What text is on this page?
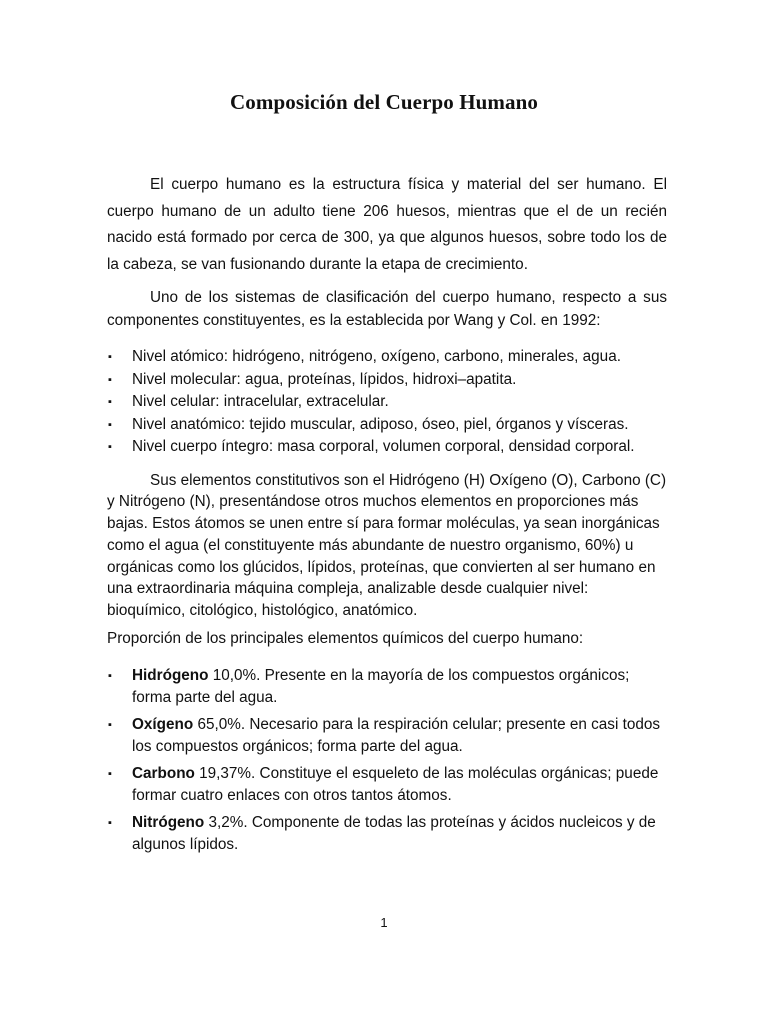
Composición del Cuerpo Humano

El cuerpo humano es la estructura física y material del ser humano. El cuerpo humano de un adulto tiene 206 huesos, mientras que el de un recién nacido está formado por cerca de 300, ya que algunos huesos, sobre todo los de la cabeza, se van fusionando durante la etapa de crecimiento.

Uno de los sistemas de clasificación del cuerpo humano, respecto a sus componentes constituyentes, es la establecida por Wang y Col. en 1992:

▪ Nivel atómico: hidrógeno, nitrógeno, oxígeno, carbono, minerales, agua.
▪ Nivel molecular: agua, proteínas, lípidos, hidroxi–apatita.
▪ Nivel celular: intracelular, extracelular.
▪ Nivel anatómico: tejido muscular, adiposo, óseo, piel, órganos y vísceras.
▪ Nivel cuerpo íntegro: masa corporal, volumen corporal, densidad corporal.

Sus elementos constitutivos son el Hidrógeno (H) Oxígeno (O), Carbono (C) y Nitrógeno (N), presentándose otros muchos elementos en proporciones más bajas. Estos átomos se unen entre sí para formar moléculas, ya sean inorgánicas como el agua (el constituyente más abundante de nuestro organismo, 60%) u orgánicas como los glúcidos, lípidos, proteínas, que convierten al ser humano en una extraordinaria máquina compleja, analizable desde cualquier nivel: bioquímico, citológico, histológico, anatómico.

Proporción de los principales elementos químicos del cuerpo humano:

▪ Hidrógeno 10,0%. Presente en la mayoría de los compuestos orgánicos; forma parte del agua.
▪ Oxígeno 65,0%. Necesario para la respiración celular; presente en casi todos los compuestos orgánicos; forma parte del agua.
▪ Carbono 19,37%. Constituye el esqueleto de las moléculas orgánicas; puede formar cuatro enlaces con otros tantos átomos.
▪ Nitrógeno 3,2%. Componente de todas las proteínas y ácidos nucleicos y de algunos lípidos.
1
